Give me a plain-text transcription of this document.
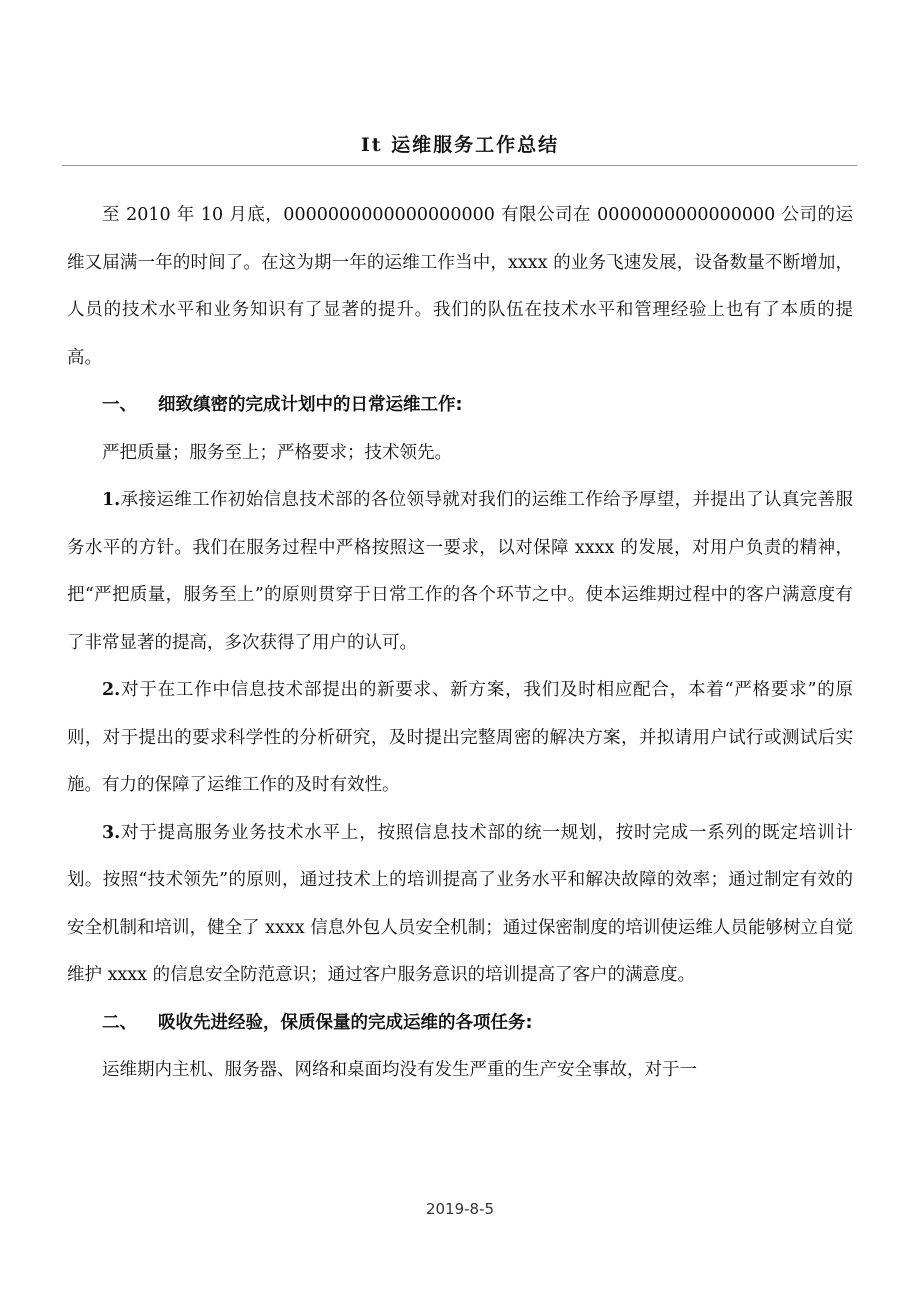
It 运维服务工作总结

至 2010 年 10 月底，0000000000000000000 有限公司在 0000000000000000 公司的运维又届满一年的时间了。在这为期一年的运维工作当中，xxxx 的业务飞速发展，设备数量不断增加，人员的技术水平和业务知识有了显著的提升。我们的队伍在技术水平和管理经验上也有了本质的提高。

一、 细致缜密的完成计划中的日常运维工作:

严把质量；服务至上；严格要求；技术领先。

1.承接运维工作初始信息技术部的各位领导就对我们的运维工作给予厚望，并提出了认真完善服务水平的方针。我们在服务过程中严格按照这一要求，以对保障 xxxx 的发展，对用户负责的精神，把“严把质量，服务至上”的原则贯穿于日常工作的各个环节之中。使本运维期过程中的客户满意度有了非常显著的提高，多次获得了用户的认可。

2.对于在工作中信息技术部提出的新要求、新方案，我们及时相应配合，本着“严格要求”的原则，对于提出的要求科学性的分析研究，及时提出完整周密的解决方案，并拟请用户试行或测试后实施。有力的保障了运维工作的及时有效性。

3.对于提高服务业务技术水平上，按照信息技术部的统一规划，按时完成一系列的既定培训计划。按照“技术领先”的原则，通过技术上的培训提高了业务水平和解决故障的效率；通过制定有效的安全机制和培训，健全了 xxxx 信息外包人员安全机制；通过保密制度的培训使运维人员能够树立自觉维护 xxxx 的信息安全防范意识；通过客户服务意识的培训提高了客户的满意度。

二、 吸收先进经验，保质保量的完成运维的各项任务:

运维期内主机、服务器、网络和桌面均没有发生严重的生产安全事故，对于一

2019-8-5
